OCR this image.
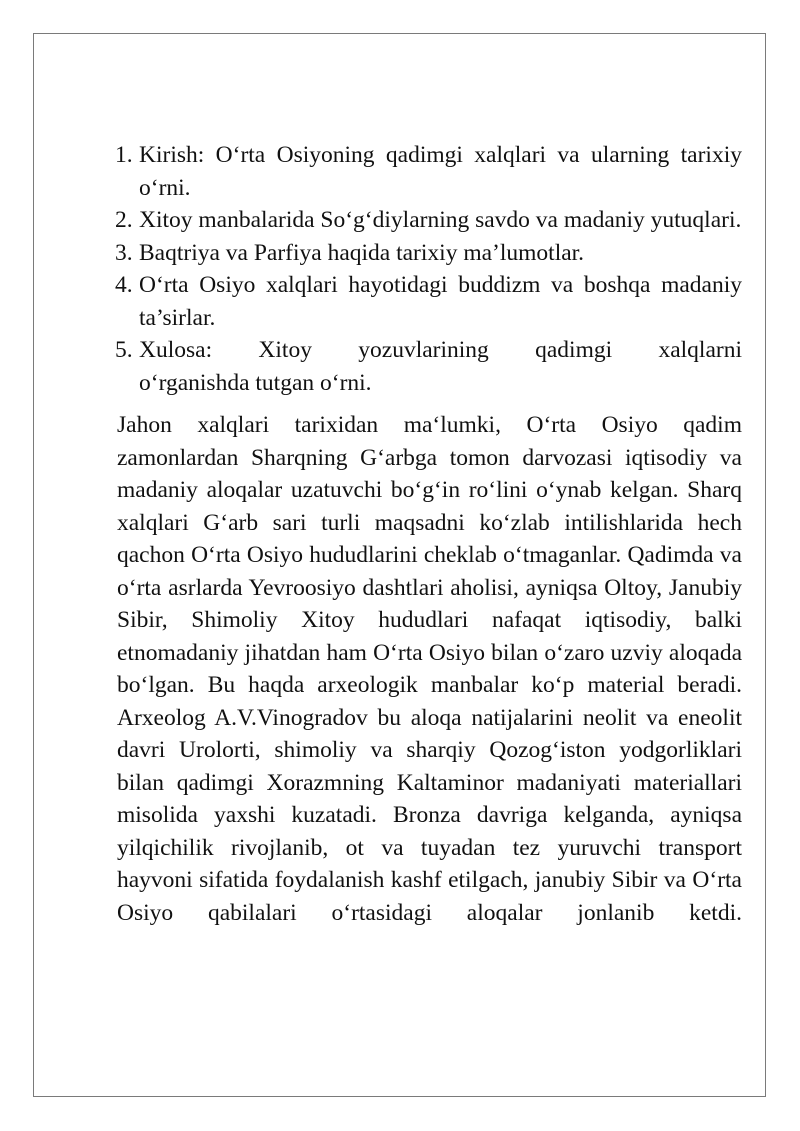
1. Kirish: O‘rta Osiyoning qadimgi xalqlari va ularning tarixiy o‘rni.
2. Xitoy manbalarida So‘g‘diylarning savdo va madaniy yutuqlari.
3. Baqtriya va Parfiya haqida tarixiy ma’lumotlar.
4. O‘rta Osiyo xalqlari hayotidagi buddizm va boshqa madaniy ta’sirlar.
5. Xulosa: Xitoy yozuvlarining qadimgi xalqlarni
o‘rganishda tutgan o‘rni.

Jahon xalqlari tarixidan ma‘lumki, O‘rta Osiyo qadim zamonlardan Sharqning G‘arbga tomon darvozasi iqtisodiy va madaniy aloqalar uzatuvchi bo‘g‘in ro‘lini o‘ynab kelgan. Sharq xalqlari G‘arb sari turli maqsadni ko‘zlab intilishlarida hech qachon O‘rta Osiyo hududlarini cheklab o‘tmaganlar. Qadimda va o‘rta asrlarda Yevroosiyo dashtlari aholisi, ayniqsa Oltoy, Janubiy Sibir, Shimoliy Xitoy hududlari nafaqat iqtisodiy, balki etnomadaniy jihatdan ham O‘rta Osiyo bilan o‘zaro uzviy aloqada bo‘lgan. Bu haqda arxeologik manbalar ko‘p material beradi. Arxeolog A.V.Vinogradov bu aloqa natijalarini neolit va eneolit davri Urolorti, shimoliy va sharqiy Qozog‘iston yodgorliklari bilan qadimgi Xorazmning Kaltaminor madaniyati materiallari misolida yaxshi kuzatadi. Bronza davriga kelganda, ayniqsa yilqichilik rivojlanib, ot va tuyadan tez yuruvchi transport hayvoni sifatida foydalanish kashf etilgach, janubiy Sibir va O‘rta Osiyo qabilalari o‘rtasidagi aloqalar jonlanib ketdi.
